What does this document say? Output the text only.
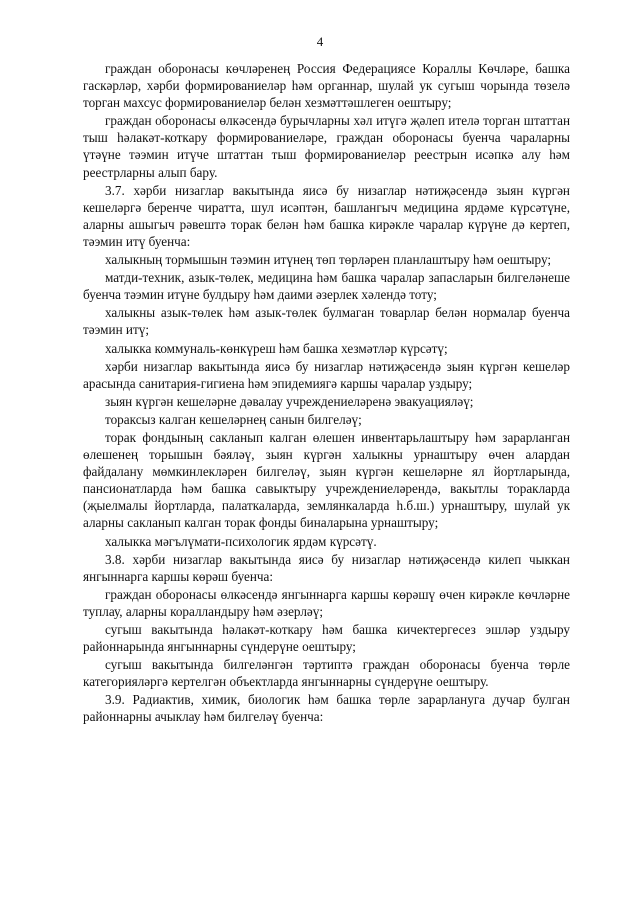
4

граждан оборонасы көчләренең Россия Федерациясе Кораллы Көчләре, башка гаскәрләр, хәрби формированиеләр һәм органнар, шулай ук сугыш чорында төзелә торган махсус формированиеләр белән хезмәттәшлеген оештыру;

граждан оборонасы өлкәсендә бурычларны хәл итүгә җәлеп ителә торган штаттан тыш һәлакәт-коткару формированиеләре, граждан оборонасы буенча чараларны үтәүне тәэмин итүче штаттан тыш формированиеләр реестрын исәпкә алу һәм реестрларны алып бару.

3.7. хәрби низаглар вакытында яисә бу низаглар нәтиҗәсендә зыян күргән кешеләргә беренче чиратта, шул исәптән, башлангыч медицина ярдәме күрсәтүне, аларны ашыгыч рәвештә торак белән һәм башка кирәкле чаралар күрүне дә кертеп, тәэмин итү буенча:

халыкның тормышын тәэмин итүнең төп төрләрен планлаштыру һәм оештыру;

матди-техник, азык-төлек, медицина һәм башка чаралар запасларын билгеләнеше буенча тәэмин итүне булдыру һәм даими әзерлек хәлендә тоту;

халыкны азык-төлек һәм азык-төлек булмаган товарлар белән нормалар буенча тәэмин итү;

халыкка коммуналь-көнкүреш һәм башка хезмәтләр күрсәтү;

хәрби низаглар вакытында яисә бу низаглар нәтиҗәсендә зыян күргән кешеләр арасында санитария-гигиена һәм эпидемиягә каршы чаралар уздыру;

зыян күргән кешеләрне дәвалау учреждениеләренә эвакуацияләү;

тораксыз калган кешеләрнең санын билгеләү;

торак фондының сакланып калган өлешен инвентарьлаштыру һәм зарарланган өлешенең торышын бәяләү, зыян күргән халыкны урнаштыру өчен алардан файдалану мөмкинлекләрен билгеләү, зыян күргән кешеләрне ял йортларында, пансионатларда һәм башка савыктыру учреждениеләрендә, вакытлы торакларда (җыелмалы йортларда, палаткаларда, землянкаларда һ.б.ш.) урнаштыру, шулай ук аларны сакланып калган торак фонды биналарына урнаштыру;

халыкка мәгълүмати-психологик ярдәм күрсәтү.

3.8. хәрби низаглар вакытында яисә бу низаглар нәтиҗәсендә килеп чыккан янгыннарга каршы көрәш буенча:

граждан оборонасы өлкәсендә янгыннарга каршы көрәшү өчен кирәкле көчләрне туплау, аларны коралландыру һәм әзерләү;

сугыш вакытында һәлакәт-коткару һәм башка кичектергесез эшләр уздыру районнарында янгыннарны сүндерүне оештыру;

сугыш вакытында билгеләнгән тәртиптә граждан оборонасы буенча төрле категорияләргә кертелгән объектларда янгыннарны сүндерүне оештыру.

3.9. Радиактив, химик, биологик һәм башка төрле зарарлануга дучар булган районнарны ачыклау һәм билгеләү буенча:
